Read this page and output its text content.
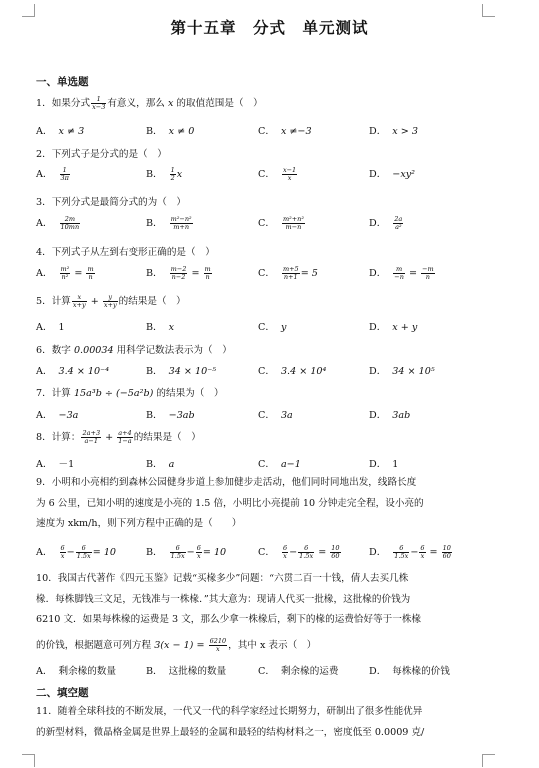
第十五章　分式　单元测试
一、单选题
1．如果分式 $\frac{1}{x-3}$ 有意义，那么 x 的取值范围是（　）
A． x ≠ 3	B． x ≠ 0	C． x ≠−3	D． x > 3
2．下列式子是分式的是（　）
A． $\frac{1}{3\pi}$	B． $\frac{1}{2}$ x	C． $\frac{x-1}{x}$	D． −xy²
3．下列分式是最简分式的为（　）
A． $\frac{2m}{10mn}$	B． $\frac{\text{m²−n²}}{m+n}$	C． $\frac{\text{m²+n²}}{m-n}$	D． $\frac{2a}{\text{a²}}$
4．下列式子从左到右变形正确的是（　）
A． $\frac{\text{m²}}{\text{n²}} = \frac{m}{n}$	B． $\frac{m-2}{n-2} = \frac{m}{n}$	C． $\frac{m+5}{n+1} = 5$	D． $\frac{m}{-n} = \frac{-m}{n}$
5．计算 $\frac{x}{x+y} + \frac{y}{x+y}$ 的结果是（　）
A． 1	B． x	C． y	D． x + y
6．数字 0.00034 用科学记数法表示为（　）
A． 3.4 × 10⁻⁴	B． 34 × 10⁻⁵	C． 3.4 × 10⁴	D． 34 × 10⁵
7．计算 15a³b ÷ (−5a²b) 的结果为（　）
A． −3a	B． −3ab	C． 3a	D． 3ab
8．计算： $\frac{2a+3}{a-1} + \frac{a+4}{1-a}$ 的结果是（　）
A． －1	B． a	C． a−1	D． 1
9．小明和小亮相约到森林公园健身步道上参加健步走活动，他们同时同地出发，线路长度
为 6 公里，已知小明的速度是小亮的 1.5 倍，小明比小亮提前 10 分钟走完全程，设小亮的
速度为 xkm/h，则下列方程中正确的是（　　）
A． $\frac{6}{x} - \frac{6}{1.5x} = 10$	B． $\frac{6}{1.5x} - \frac{6}{x} = 10$	C． $\frac{6}{x} - \frac{6}{1.5x} = \frac{10}{60}$	D． $\frac{6}{1.5x} - \frac{6}{x} = \frac{10}{60}$
10．我国古代著作《四元玉鉴》记载“买椽多少”问题：“六贯二百一十钱，倩人去买几株
椽．每株脚钱三文足，无钱准与一株椽．”其大意为：现请人代买一批椽，这批椽的价钱为
6210 文．如果每株椽的运费是 3 文，那么少拿一株椽后，剩下的椽的运费恰好等于一株椽
的价钱，根据题意可列方程 $3(x - 1) = \frac{6210}{x}$ ，其中 x 表示（　）
A． 剩余椽的数量	B． 这批椽的数量	C． 剩余椽的运费	D． 每株椽的价钱
二、填空题
11．随着全球科技的不断发展，一代又一代的科学家经过长期努力，研制出了很多性能优异
的新型材料，微晶格金属是世界上最轻的金属和最轻的结构材料之一，密度低至 0.0009 克/
